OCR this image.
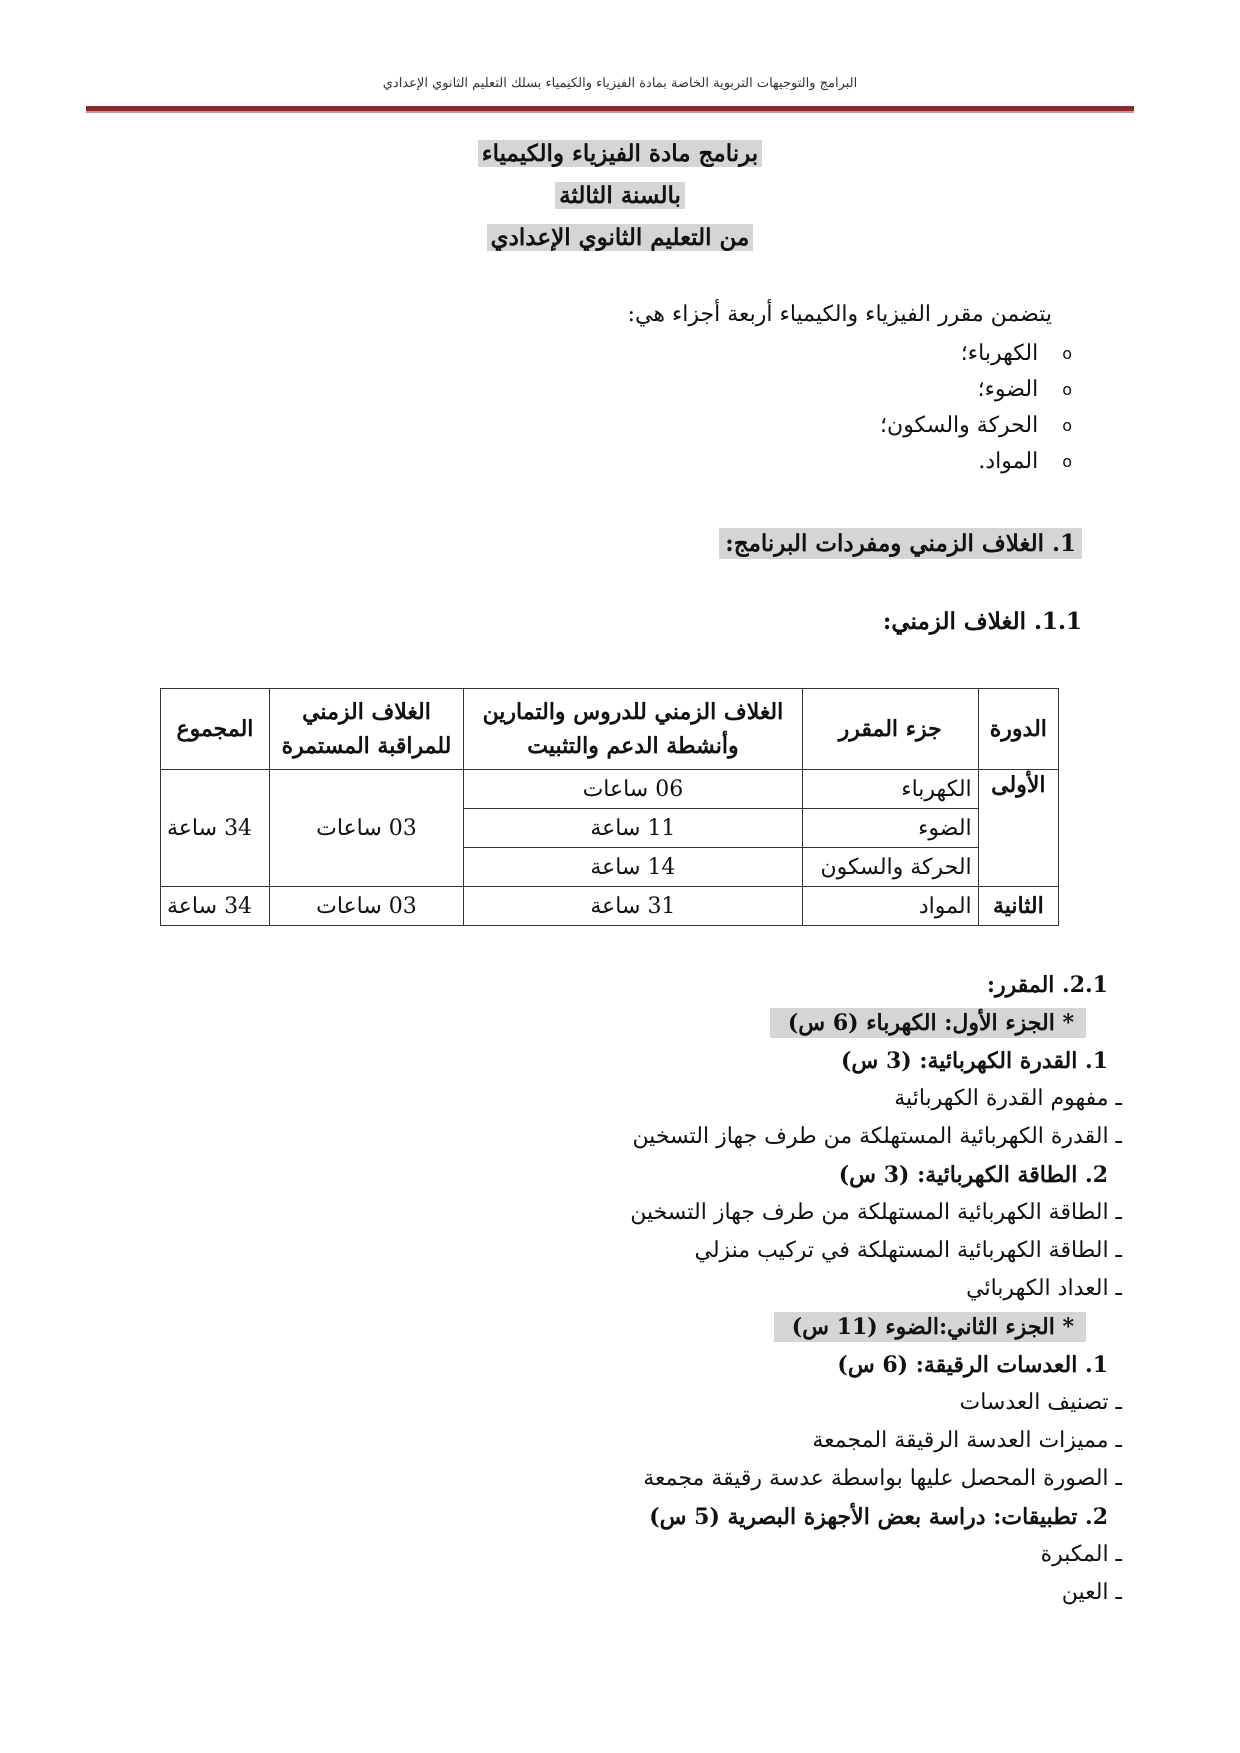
البرامج والتوجيهات التربوية الخاصة بمادة الفيزياء والكيمياء بسلك التعليم الثانوي الإعدادي
برنامج مادة الفيزياء والكيمياء
بالسنة الثالثة
من التعليم الثانوي الإعدادي
يتضمن مقرر الفيزياء والكيمياء أربعة أجزاء هي:
o
الكهرباء؛
o
الضوء؛
o
الحركة والسكون؛
o
المواد.
1. الغلاف الزمني ومفردات البرنامج:
1.1. الغلاف الزمني:
الدورة	جزء المقرر	الغلاف الزمني للدروس والتمارين وأنشطة الدعم والتثبيت	الغلاف الزمني للمراقبة المستمرة	المجموع
الأولى	الكهرباء	06 ساعات	03 ساعات	34 ساعة
	الضوء	11 ساعة		
	الحركة والسكون	14 ساعة		
الثانية	المواد	31 ساعة	03 ساعات	34 ساعة
2.1. المقرر:
* الجزء الأول: الكهرباء (6 س)
1. القدرة الكهربائية: (3 س)
ـ مفهوم القدرة الكهربائية
ـ القدرة الكهربائية المستهلكة من طرف جهاز التسخين
2. الطاقة الكهربائية: (3 س)
ـ الطاقة الكهربائية المستهلكة من طرف جهاز التسخين
ـ الطاقة الكهربائية المستهلكة في تركيب منزلي
ـ العداد الكهربائي
* الجزء الثاني:الضوء (11 س)
1. العدسات الرقيقة: (6 س)
ـ تصنيف العدسات
ـ مميزات العدسة الرقيقة المجمعة
ـ الصورة المحصل عليها بواسطة عدسة رقيقة مجمعة
2. تطبيقات: دراسة بعض الأجهزة البصرية (5 س)
ـ المكبرة
ـ العين
